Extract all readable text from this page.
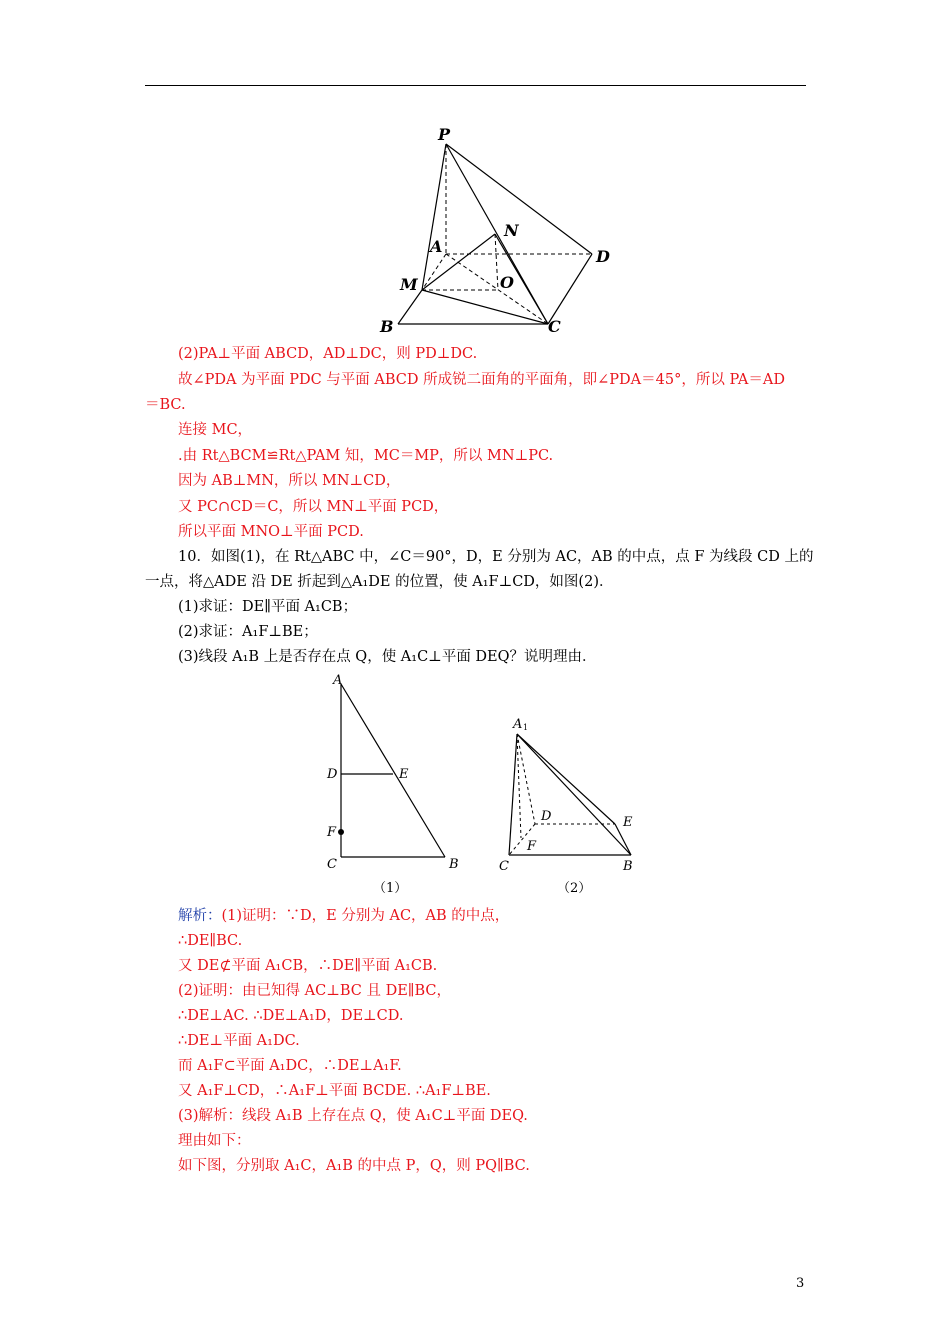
P
A
N
D
M	O
B	C
(2)PA⊥平面 ABCD，AD⊥DC，则 PD⊥DC.
故∠PDA 为平面 PDC 与平面 ABCD 所成锐二面角的平面角，即∠PDA＝45°，所以 PA＝AD
＝BC.
连接 MC，
.由 Rt△BCM≌Rt△PAM 知，MC＝MP，所以 MN⊥PC.
因为 AB⊥MN，所以 MN⊥CD，
又 PC∩CD＝C，所以 MN⊥平面 PCD，
所以平面 MNO⊥平面 PCD.
10．如图(1)，在 Rt△ABC 中，∠C＝90°，D，E 分别为 AC，AB 的中点，点 F 为线段 CD 上的
一点，将△ADE 沿 DE 折起到△A₁DE 的位置，使 A₁F⊥CD，如图(2)．
(1)求证：DE∥平面 A₁CB；
(2)求证：A₁F⊥BE；
(3)线段 A₁B 上是否存在点 Q，使 A₁C⊥平面 DEQ？说明理由．
A
D	E
F
C	B
（1）
A 1
D	E
F
C	B
（2）
解析：(1)证明：∵D，E 分别为 AC，AB 的中点，
∴DE∥BC.
又 DE⊄平面 A₁CB，∴DE∥平面 A₁CB.
(2)证明：由已知得 AC⊥BC 且 DE∥BC，
∴DE⊥AC. ∴DE⊥A₁D，DE⊥CD.
∴DE⊥平面 A₁DC.
而 A₁F⊂平面 A₁DC，∴DE⊥A₁F.
又 A₁F⊥CD，∴A₁F⊥平面 BCDE. ∴A₁F⊥BE.
(3)解析：线段 A₁B 上存在点 Q，使 A₁C⊥平面 DEQ.
理由如下：
如下图，分别取 A₁C，A₁B 的中点 P，Q，则 PQ∥BC.
3
